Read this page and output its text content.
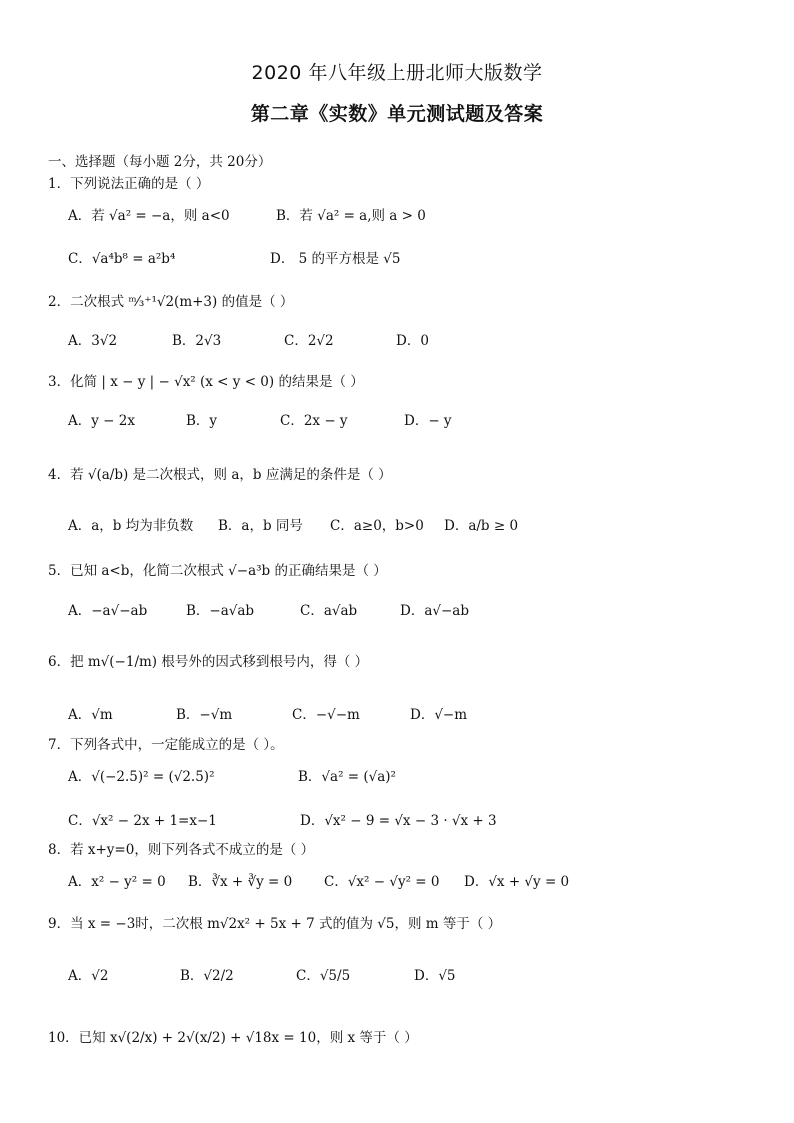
2020 年八年级上册北师大版数学
第二章《实数》单元测试题及答案
一、选择题（每小题 2分，共 20分）
1．下列说法正确的是（ ）
A．若 √a² = −a，则 a<0	B．若 √a² = a,则 a > 0
C．√a⁴b⁸ = a²b⁴	D． 5 的平方根是 √5
2．二次根式 ᵐ⁄₃⁺¹√2(m+3) 的值是（ ）
A．3√2	B．2√3	C．2√2	D．0
3．化简 | x − y | − √x² (x < y < 0) 的结果是（ ）
A．y − 2x	B．y	C．2x − y	D．− y
4．若 √(a/b) 是二次根式，则 a，b 应满足的条件是（ ）
A．a，b 均为非负数 B．a，b 同号 C．a≥0，b>0 D．a/b ≥ 0
5．已知 a<b，化简二次根式 √−a³b 的正确结果是（ ）
A．−a√−ab	B．−a√ab	C．a√ab	D．a√−ab
6．把 m√(−1/m) 根号外的因式移到根号内，得（ ）
A．√m	B．−√m	C．−√−m	D．√−m
7．下列各式中，一定能成立的是（ ）。
A．√(−2.5)² = (√2.5)²	B．√a² = (√a)²
C．√x² − 2x + 1=x−1	D．√x² − 9 = √x − 3 · √x + 3
8．若 x+y=0，则下列各式不成立的是（ ）
A．x² − y² = 0 B．∛x + ∛y = 0 C．√x² − √y² = 0 D．√x + √y = 0
9．当 x = −3时，二次根 m√2x² + 5x + 7 式的值为 √5，则 m 等于（ ）
A．√2	B．√2/2	C．√5/5	D．√5
10．已知 x√(2/x) + 2√(x/2) + √18x = 10，则 x 等于（ ）
